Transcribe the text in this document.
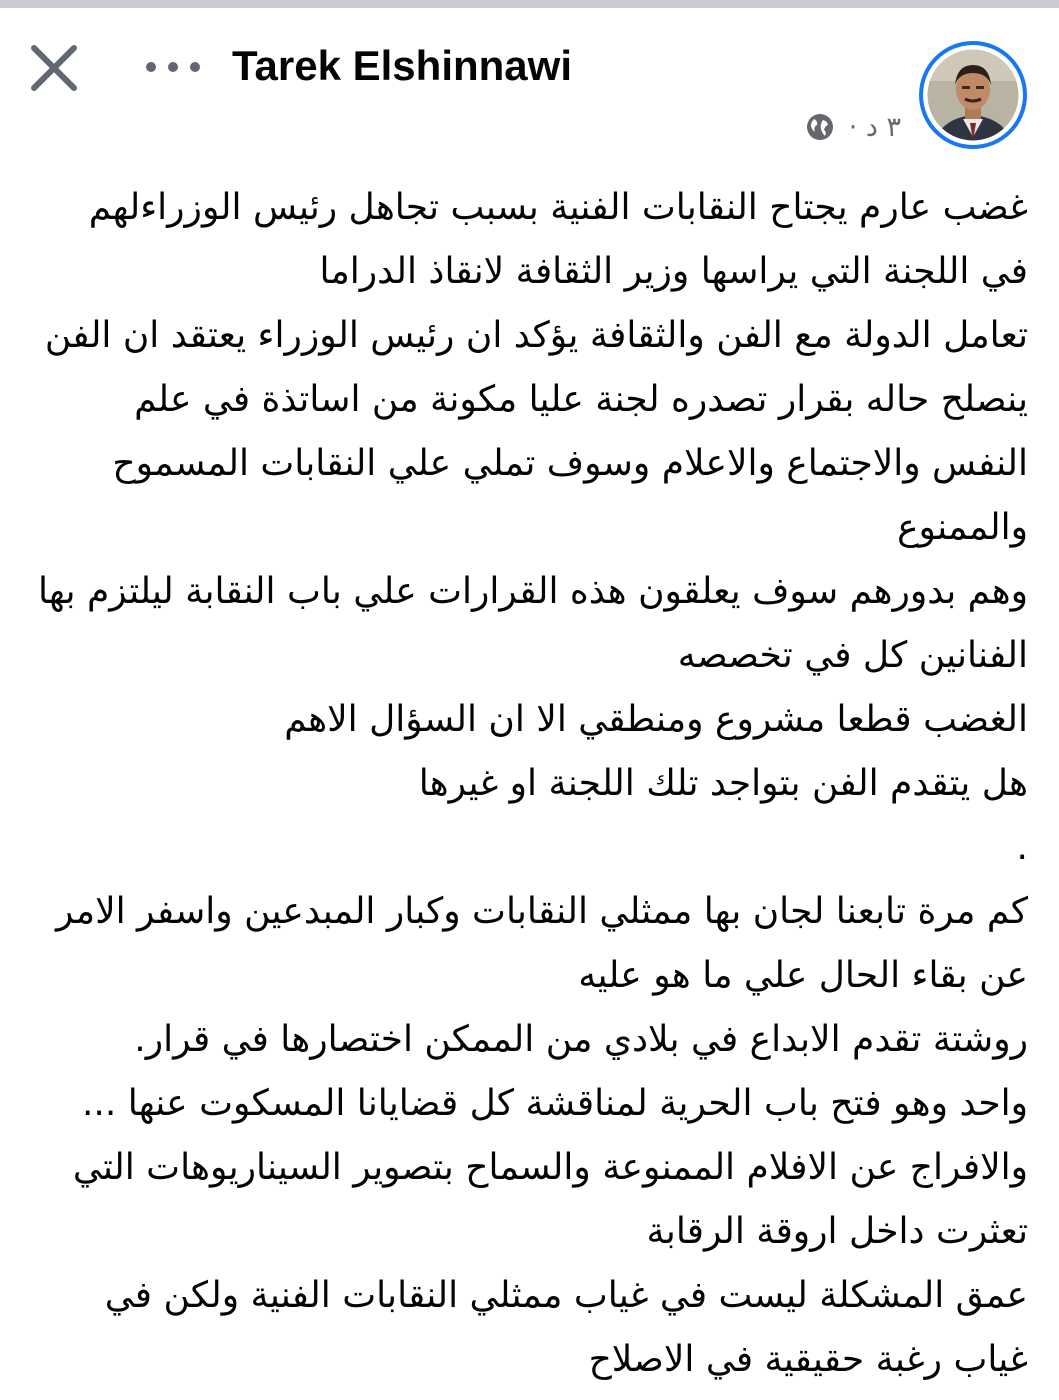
Tarek Elshinnawi
٣ د ·

غضب عارم يجتاح النقابات الفنية بسبب تجاهل رئيس الوزراءلهم

في اللجنة التي يراسها وزير الثقافة لانقاذ الدراما

تعامل الدولة مع الفن والثقافة يؤكد ان رئيس الوزراء يعتقد ان الفن

ينصلح حاله بقرار تصدره لجنة عليا مكونة من اساتذة في علم

النفس والاجتماع والاعلام وسوف تملي علي النقابات المسموح

والممنوع

وهم بدورهم سوف يعلقون هذه القرارات علي باب النقابة ليلتزم بها

الفنانين كل في تخصصه

الغضب قطعا مشروع ومنطقي الا ان السؤال الاهم

هل يتقدم الفن بتواجد تلك اللجنة او غيرها

.

كم مرة تابعنا لجان بها ممثلي النقابات وكبار المبدعين واسفر الامر

عن بقاء الحال علي ما هو عليه

روشتة تقدم الابداع في بلادي من الممكن اختصارها في قرار.

واحد وهو فتح باب الحرية لمناقشة كل قضايانا المسكوت عنها ...

والافراج عن الافلام الممنوعة والسماح بتصوير السيناريوهات التي

تعثرت داخل اروقة الرقابة

عمق المشكلة ليست في غياب ممثلي النقابات الفنية ولكن في

غياب رغبة حقيقية في الاصلاح
